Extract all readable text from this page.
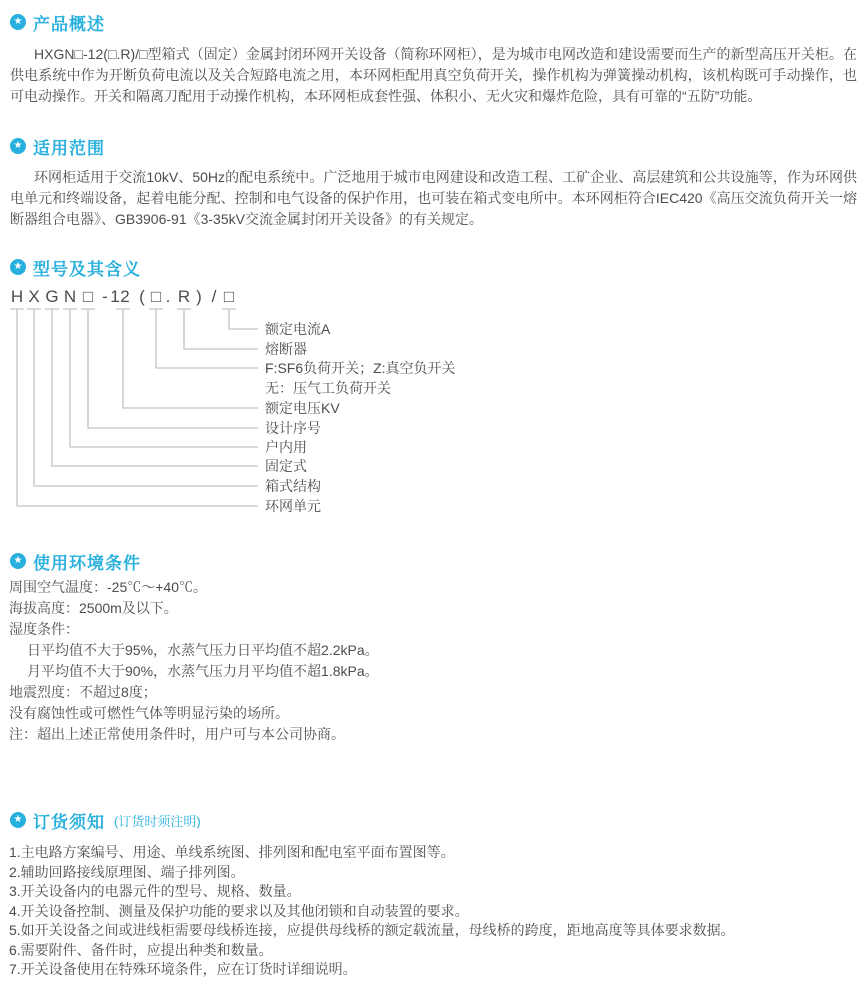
★ 产品概述

HXGN□-12(□.R)/□型箱式（固定）金属封闭环网开关设备（简称环网柜），是为城市电网改造和建设需要而生产的新型高压开关柜。在供电系统中作为开断负荷电流以及关合短路电流之用，本环网柜配用真空负荷开关，操作机构为弹簧操动机构，该机构既可手动操作，也可电动操作。开关和隔离刀配用于动操作机构，本环网柜成套性强、体积小、无火灾和爆炸危险，具有可靠的“五防”功能。

★ 适用范围

环网柜适用于交流10kV、50Hz的配电系统中。广泛地用于城市电网建设和改造工程、工矿企业、高层建筑和公共设施等，作为环网供电单元和终端设备，起着电能分配、控制和电气设备的保护作用，也可装在箱式变电所中。本环网柜符合IEC420《高压交流负荷开关一熔断器组合电器》、GB3906-91《3-35kV交流金属封闭开关设备》的有关规定。

★ 型号及其含义
H X G N □ - 1 2 ( □ . R ) / □
额定电流A
熔断器
F:SF6负荷开关；Z:真空负开关
无：压气工负荷开关
额定电压KV
设计序号
户内用
固定式
箱式结构
环网单元
★ 使用环境条件
周围空气温度：-25℃～+40℃。
海拔高度：2500m及以下。
湿度条件：
日平均值不大于95%，水蒸气压力日平均值不超2.2kPa。
月平均值不大于90%，水蒸气压力月平均值不超1.8kPa。
地震烈度：不超过8度；
没有腐蚀性或可燃性气体等明显污染的场所。
注：超出上述正常使用条件时，用户可与本公司协商。
★ 订货须知 (订货时须注明)
1.主电路方案编号、用途、单线系统图、排列图和配电室平面布置图等。
2.辅助回路接线原理图、端子排列图。
3.开关设备内的电器元件的型号、规格、数量。
4.开关设备控制、测量及保护功能的要求以及其他闭锁和自动装置的要求。
5.如开关设备之间或进线柜需要母线桥连接，应提供母线桥的额定载流量，母线桥的跨度，距地高度等具体要求数据。
6.需要附件、备件时，应提出种类和数量。
7.开关设备使用在特殊环境条件，应在订货时详细说明。
